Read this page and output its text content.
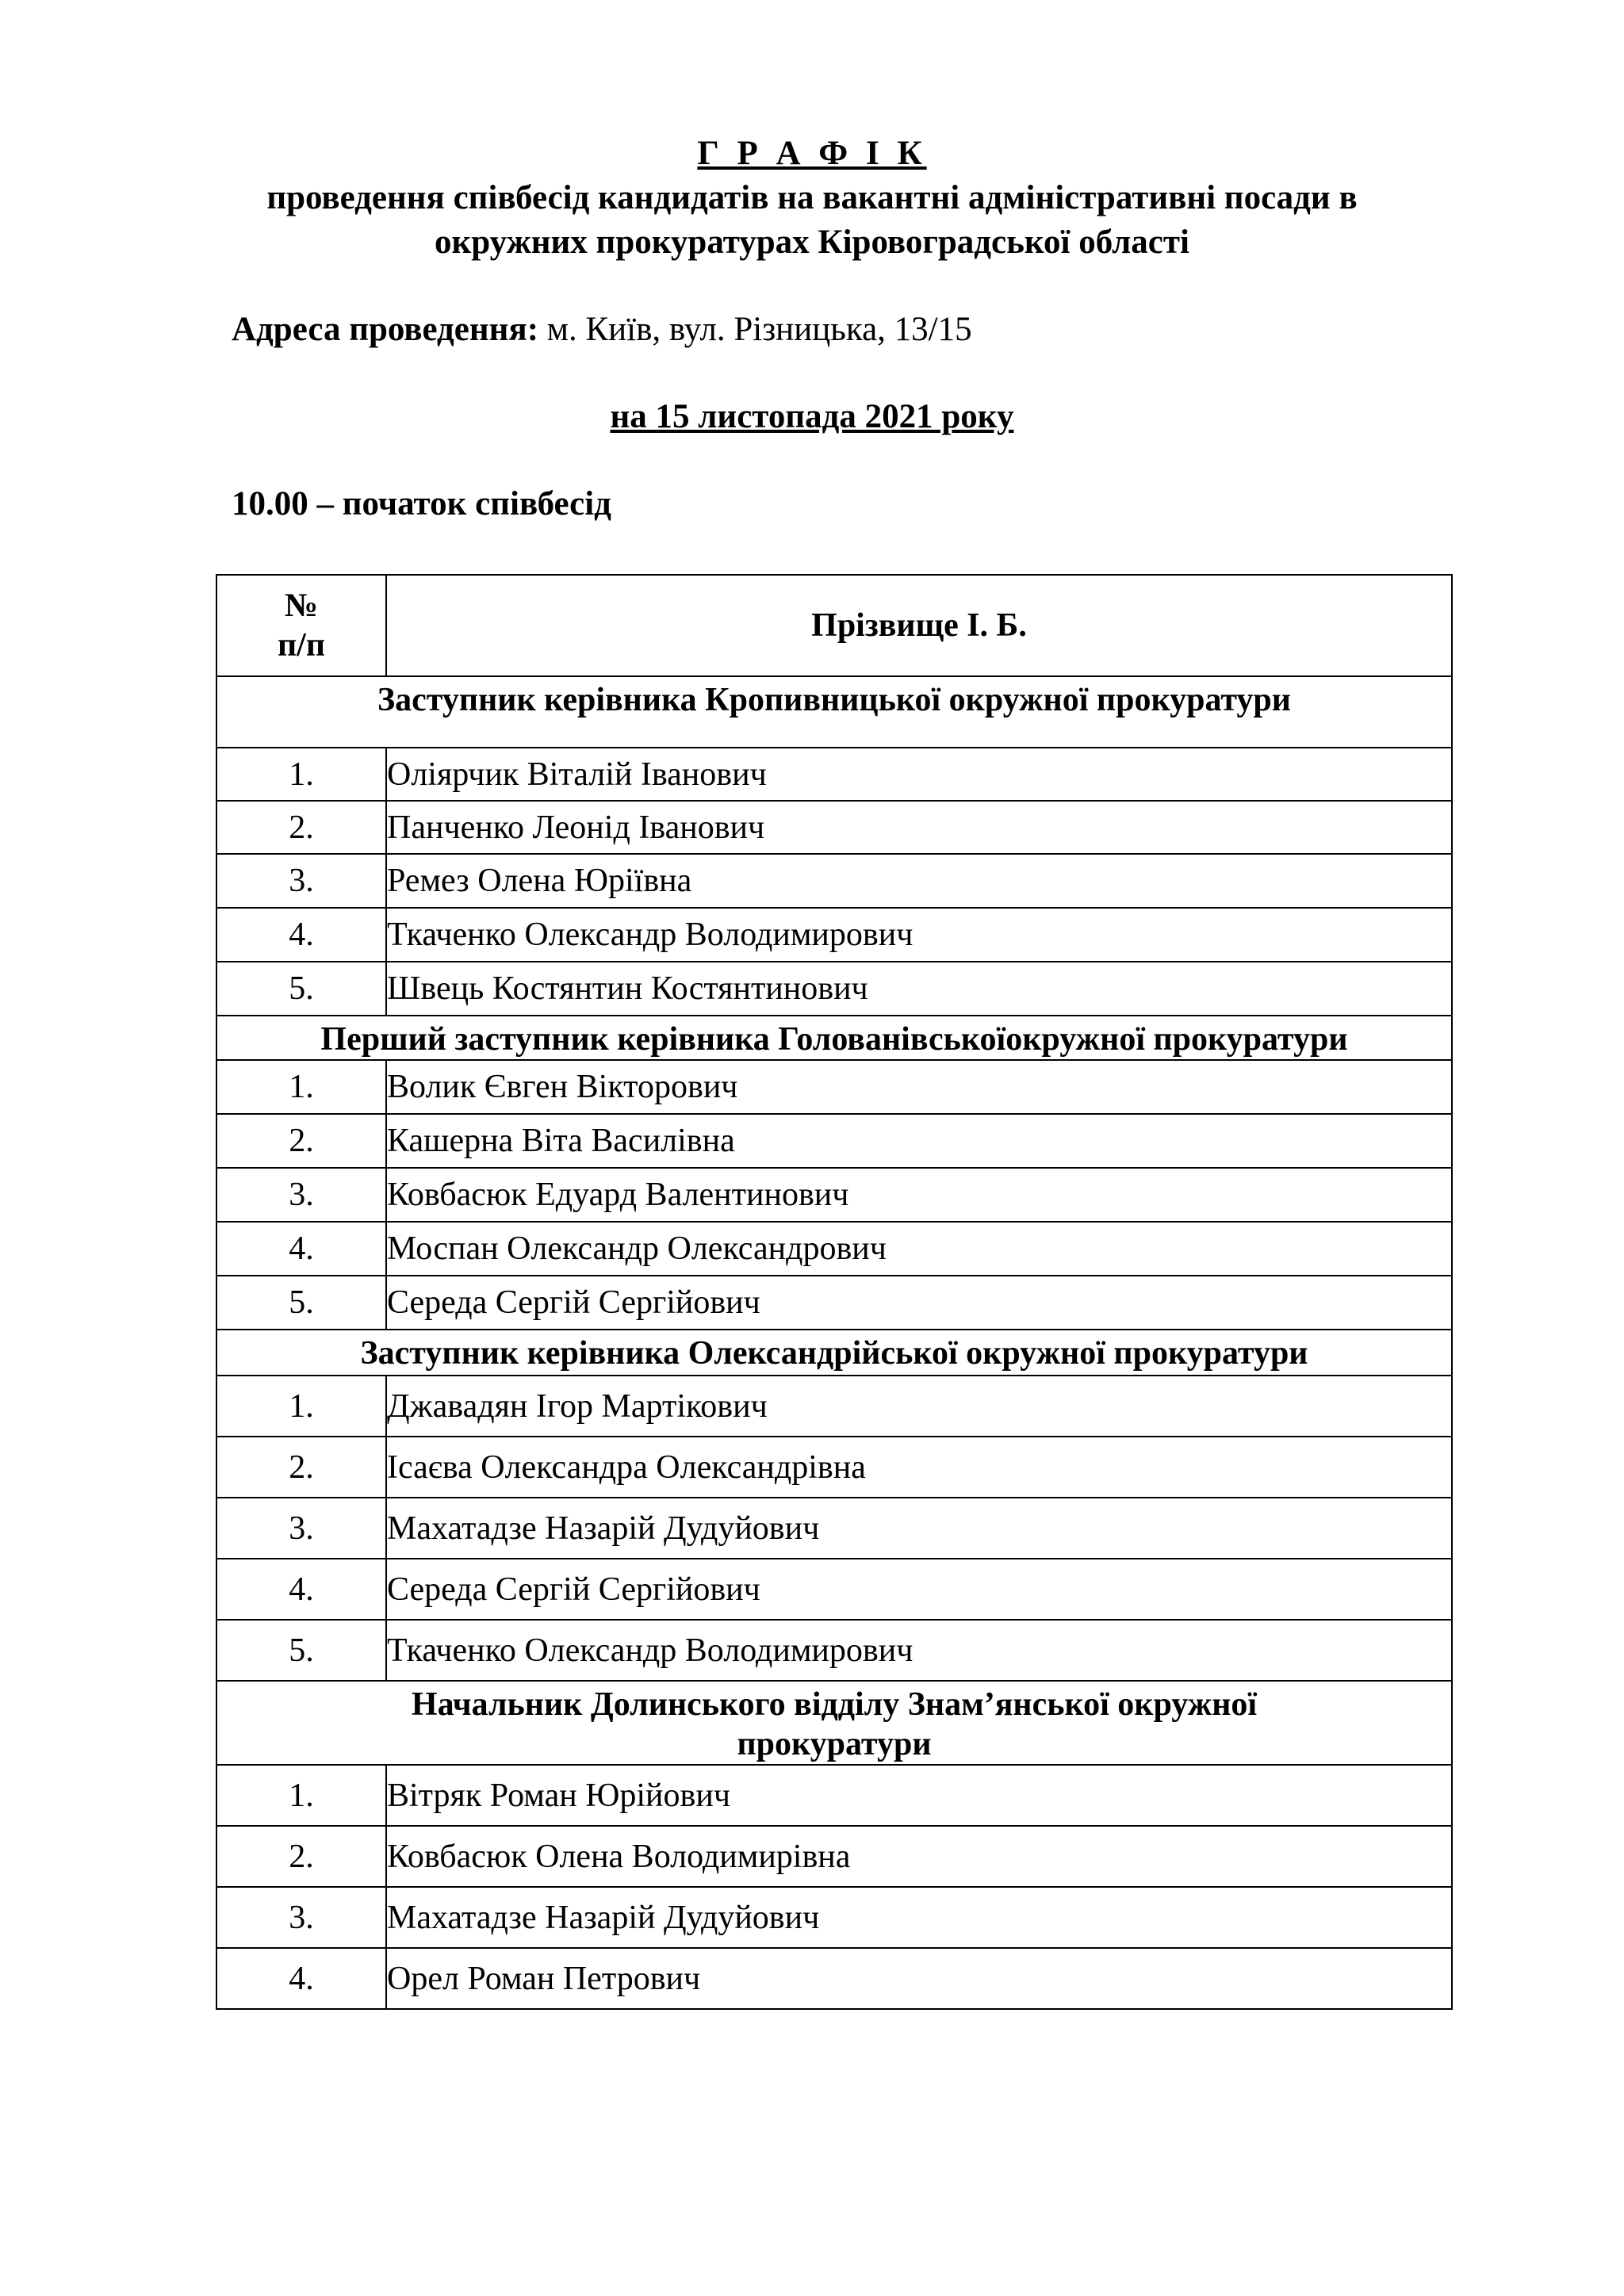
Г Р А Ф І К
проведення співбесід кандидатів на вакантні адміністративні посади в
окружних прокуратурах Кіровоградської області
Адреса проведення: м. Київ, вул. Різницька, 13/15
на 15 листопада 2021 року
10.00 – початок співбесід
№
п/п	Прізвище І. Б.
Заступник керівника Кропивницької окружної прокуратури	
1.	Оліярчик Віталій Іванович
2.	Панченко Леонід Іванович
3.	Ремез Олена Юріївна
4.	Ткаченко Олександр Володимирович
5.	Швець Костянтин Костянтинович
Перший заступник керівника Голованівськоїокружної прокуратури	
1.	Волик Євген Вікторович
2.	Кашерна Віта Василівна
3.	Ковбасюк Едуард Валентинович
4.	Моспан Олександр Олександрович
5.	Середа Сергій Сергійович
Заступник керівника Олександрійської окружної прокуратури	
1.	Джавадян Ігор Мартікович
2.	Ісаєва Олександра Олександрівна
3.	Махатадзе Назарій Дудуйович
4.	Середа Сергій Сергійович
5.	Ткаченко Олександр Володимирович

Начальник Долинського відділу Знам’янської окружної
прокуратури	

1.	Вітряк Роман Юрійович
2.	Ковбасюк Олена Володимирівна
3.	Махатадзе Назарій Дудуйович
4.	Орел Роман Петрович
